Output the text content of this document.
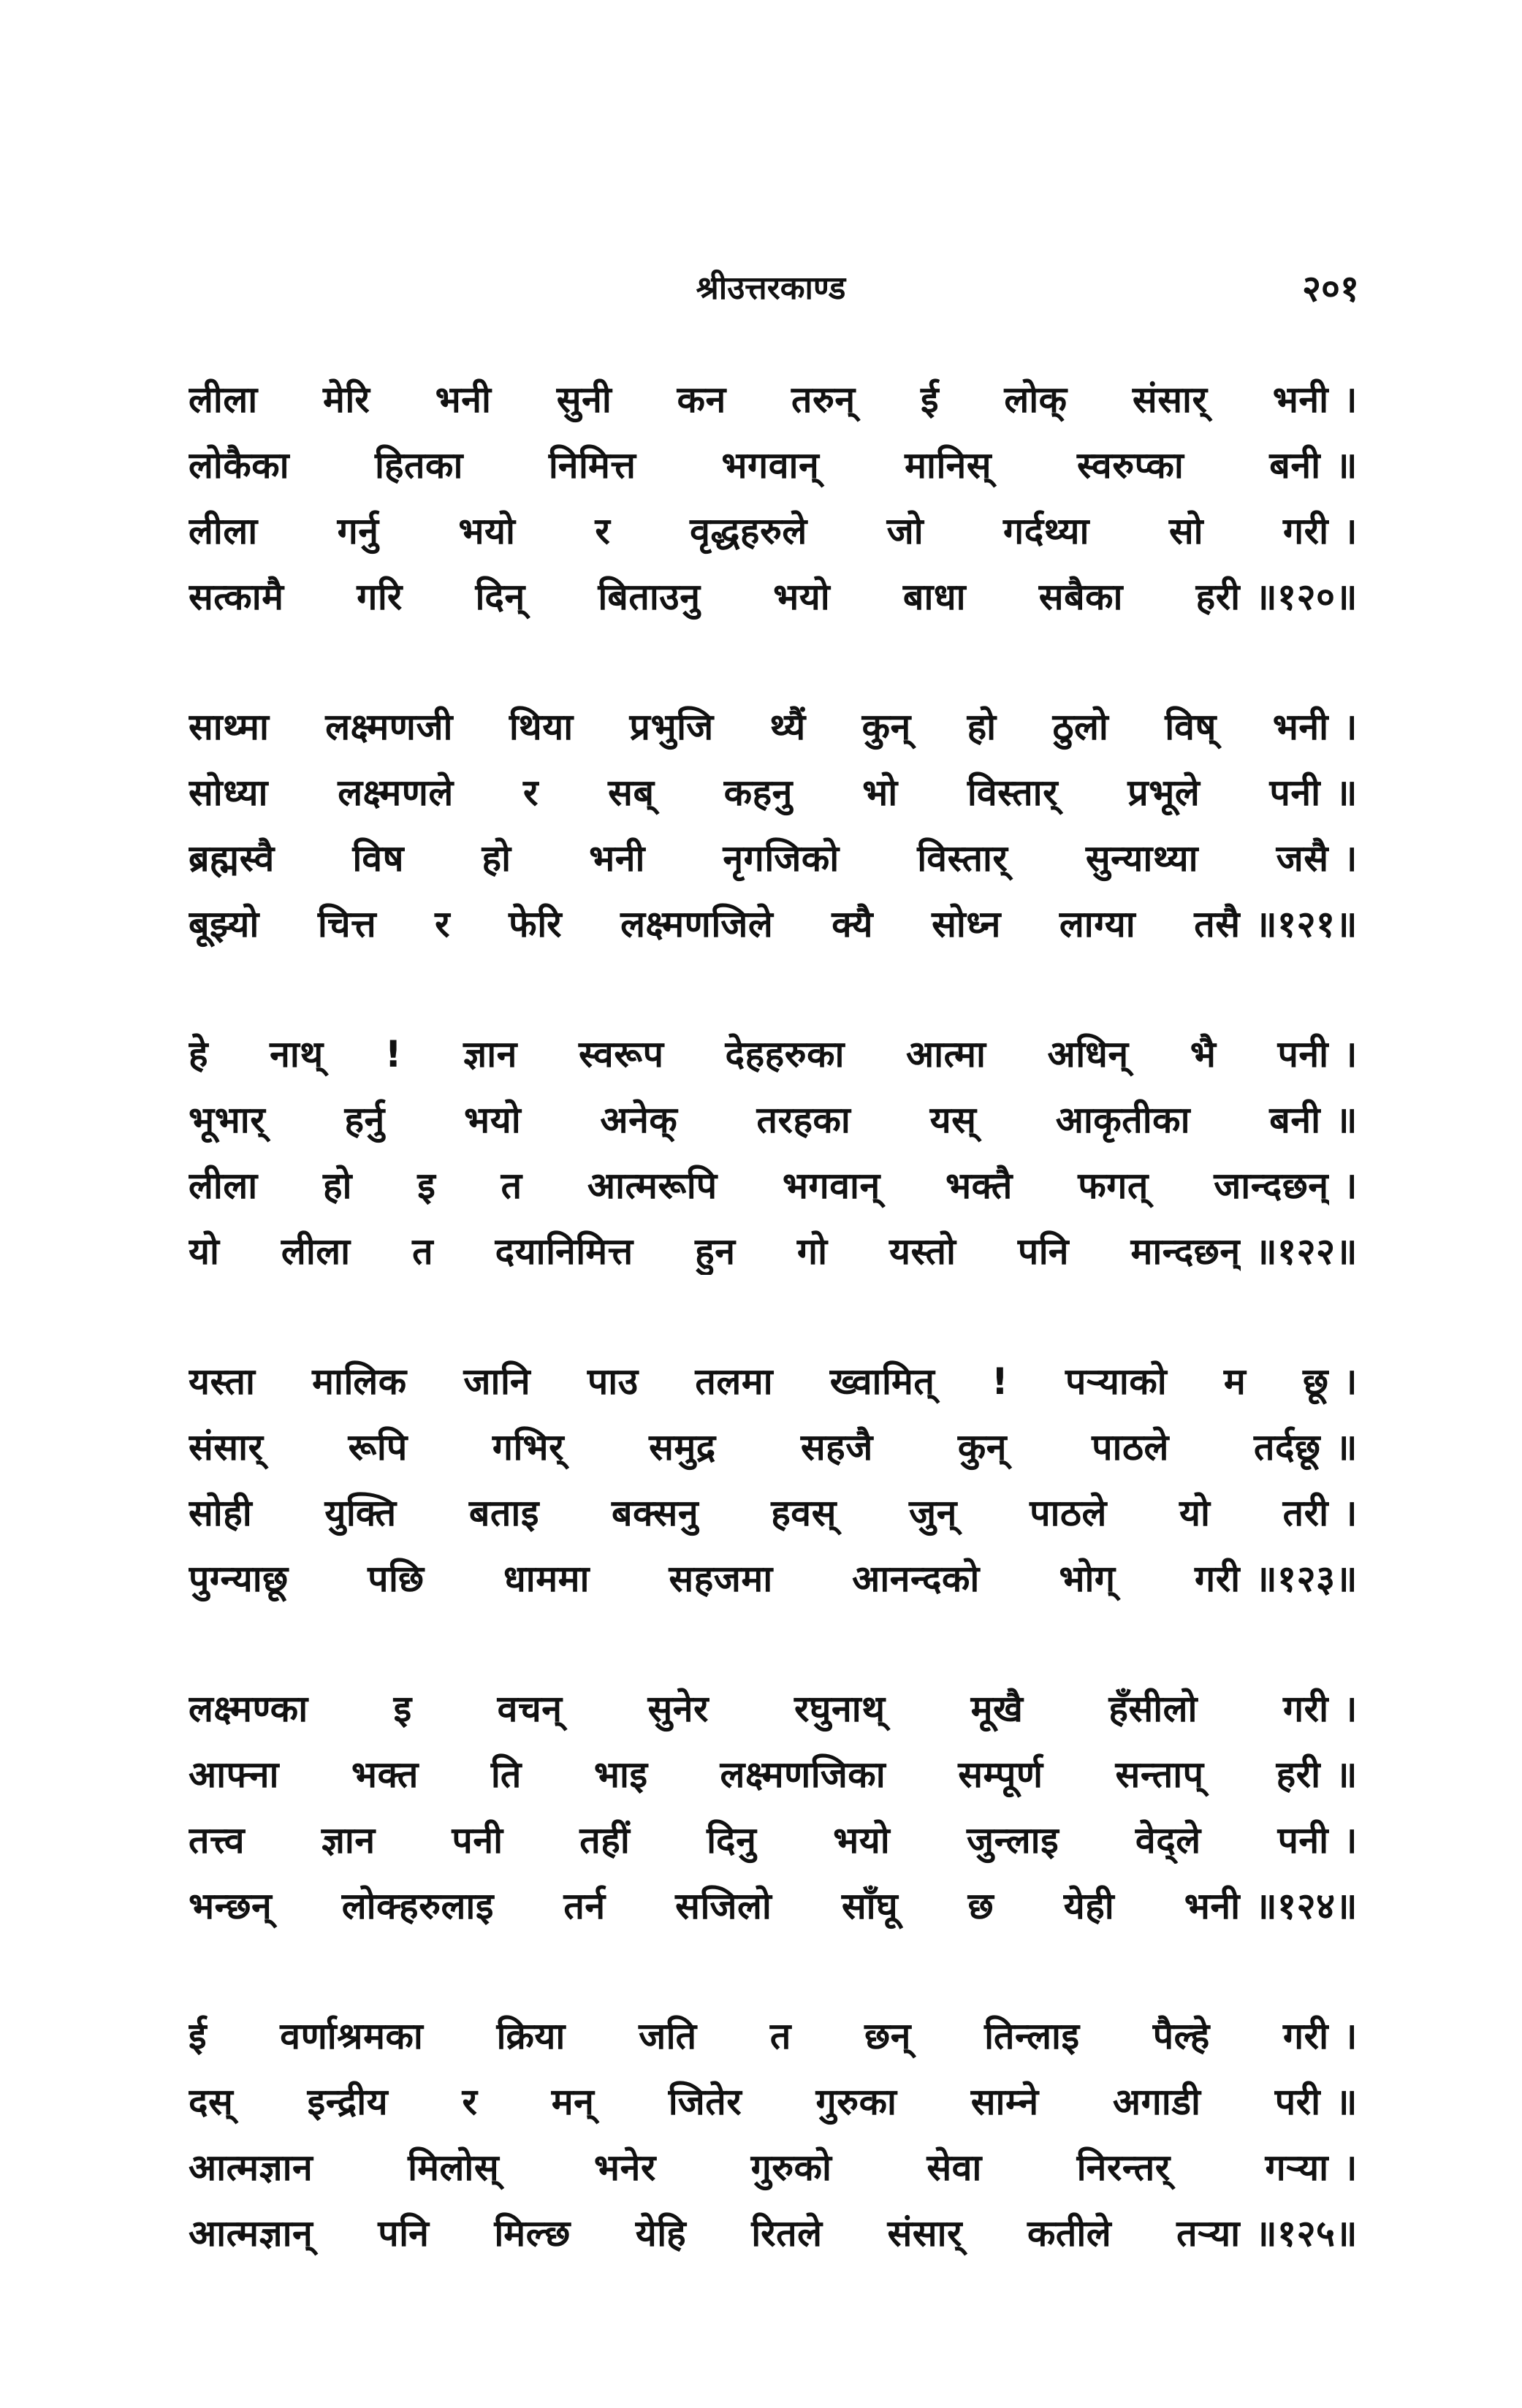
श्रीउत्तरकाण्ड	२०१
लीला मेरि भनी सुनी कन तरुन् ई लोक् संसार् भनी ।
लोकैका हितका निमित्त भगवान् मानिस् स्वरुप्का बनी ॥
लीला गर्नु भयो र वृद्धहरुले जो गर्दथ्या सो गरी ।
सत्कामै गरि दिन् बिताउनु भयो बाधा सबैका हरी ॥१२०॥
साथ्मा लक्ष्मणजी थिया प्रभुजि थ्यैं कुन् हो ठुलो विष् भनी ।
सोध्या लक्ष्मणले र सब् कहनु भो विस्तार् प्रभूले पनी ॥
ब्रह्मस्वै विष हो भनी नृगजिको विस्तार् सुन्याथ्या जसै ।
बूझ्यो चित्त र फेरि लक्ष्मणजिले क्यै सोध्न लाग्या तसै ॥१२१॥
हे नाथ् ! ज्ञान स्वरूप देहहरुका आत्मा अधिन् भै पनी ।
भूभार् हर्नु भयो अनेक् तरहका यस् आकृतीका बनी ॥
लीला हो इ त आत्मरूपि भगवान् भक्तै फगत् जान्दछन् ।
यो लीला त दयानिमित्त हुन गो यस्तो पनि मान्दछन् ॥१२२॥
यस्ता मालिक जानि पाउ तलमा ख्वामित् ! पऱ्याको म छू ।
संसार् रूपि गभिर् समुद्र सहजै कुन् पाठले तर्दछू ॥
सोही युक्ति बताइ बक्सनु हवस् जुन् पाठले यो तरी ।
पुग्न्याछू पछि धाममा सहजमा आनन्दको भोग् गरी ॥१२३॥
लक्ष्मण्का इ वचन् सुनेर रघुनाथ् मूखै हँसीलो गरी ।
आफ्ना भक्त ति भाइ लक्ष्मणजिका सम्पूर्ण सन्ताप् हरी ॥
तत्त्व ज्ञान पनी तहीं दिनु भयो जुन्लाइ वेद्ले पनी ।
भन्छन् लोक्हरुलाइ तर्न सजिलो साँघू छ येही भनी ॥१२४॥
ई वर्णाश्रमका क्रिया जति त छन् तिन्लाइ पैल्हे गरी ।
दस् इन्द्रीय र मन् जितेर गुरुका साम्ने अगाडी परी ॥
आत्मज्ञान मिलोस् भनेर गुरुको सेवा निरन्तर् गऱ्या ।
आत्मज्ञान् पनि मिल्छ येहि रितले संसार् कतीले तऱ्या ॥१२५॥
